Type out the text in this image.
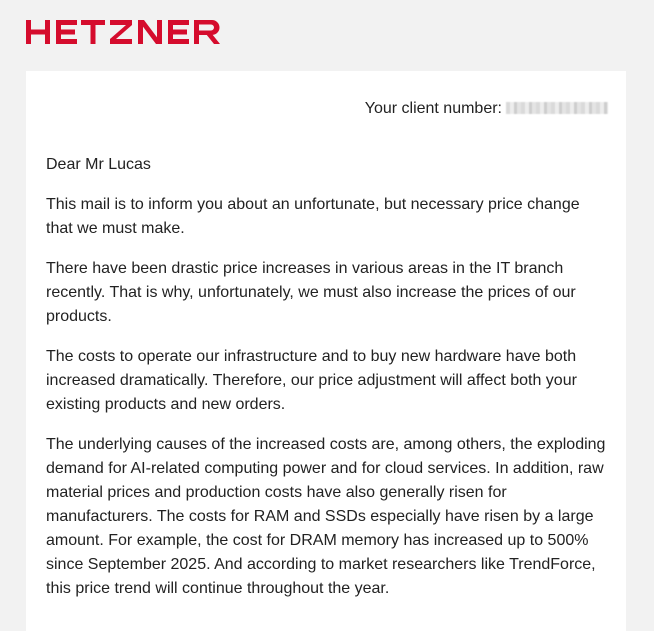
Your client number:

Dear Mr Lucas

This mail is to inform you about an unfortunate, but necessary price change that we must make.

There have been drastic price increases in various areas in the IT branch recently. That is why, unfortunately, we must also increase the prices of our products.

The costs to operate our infrastructure and to buy new hardware have both increased dramatically. Therefore, our price adjustment will affect both your existing products and new orders.

The underlying causes of the increased costs are, among others, the exploding demand for AI-related computing power and for cloud services. In addition, raw material prices and production costs have also generally risen for manufacturers. The costs for RAM and SSDs especially have risen by a large amount. For example, the cost for DRAM memory has increased up to 500% since September 2025. And according to market researchers like TrendForce, this price trend will continue throughout the year.
